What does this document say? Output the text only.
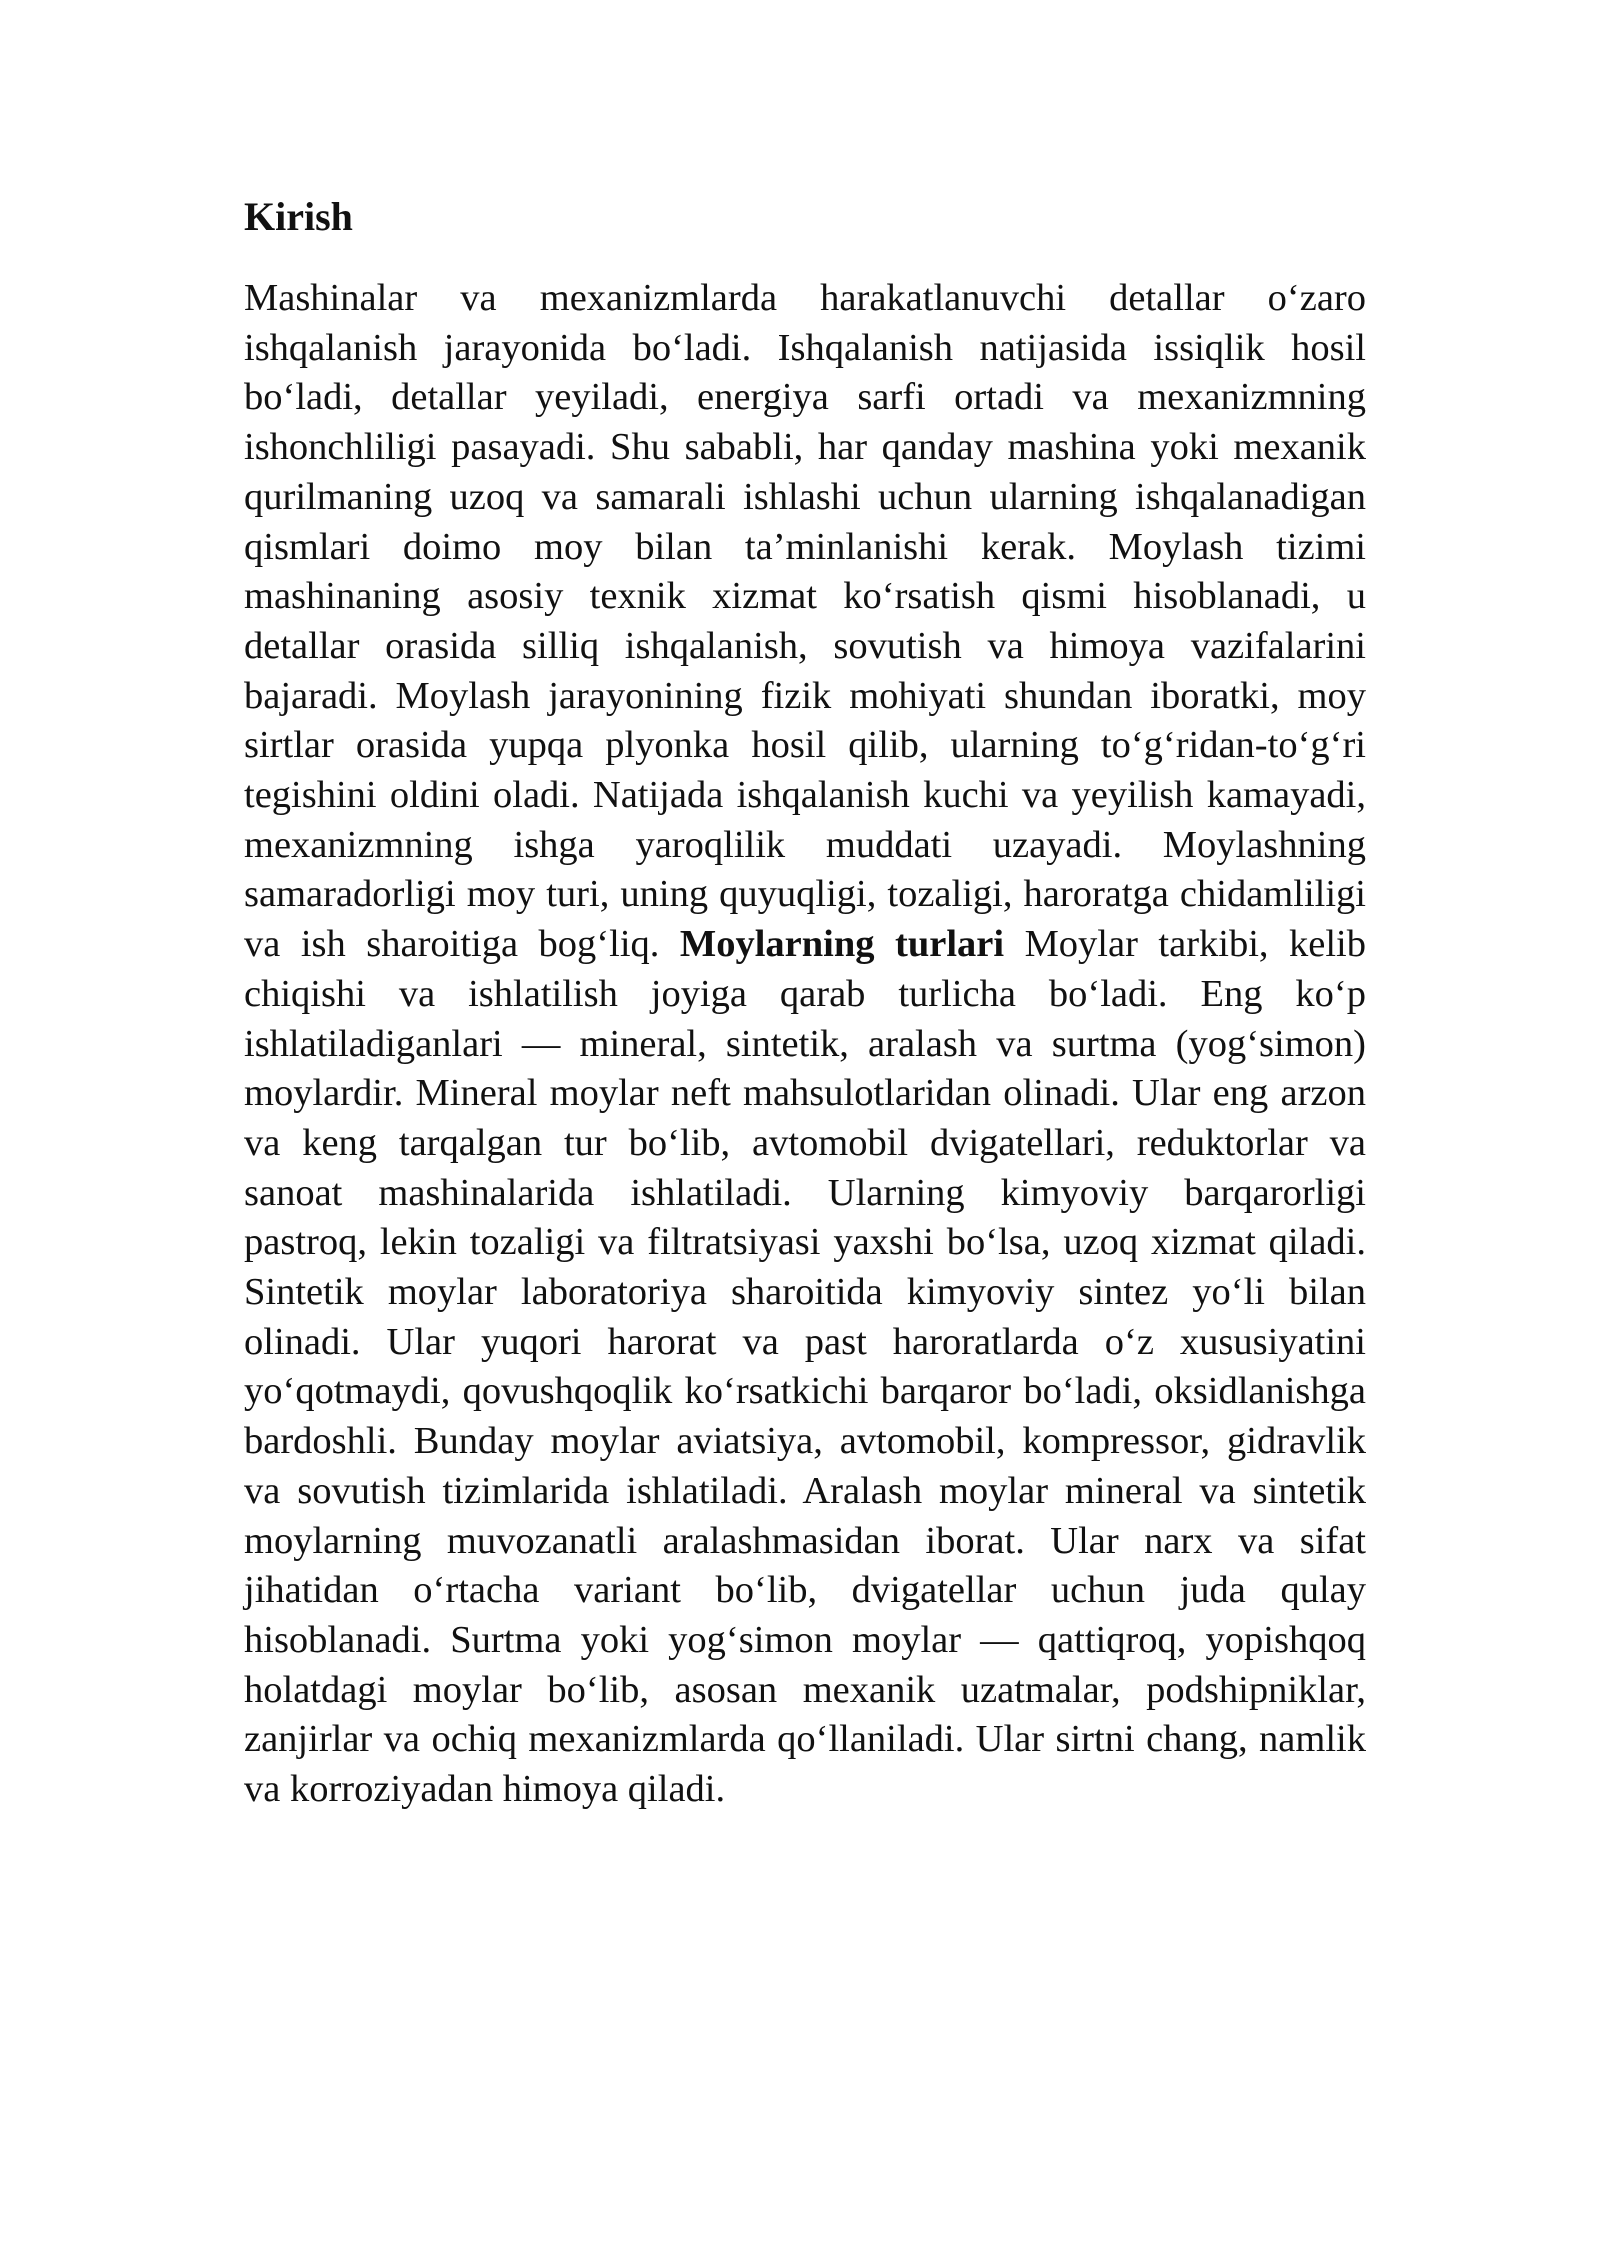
Kirish

Mashinalar va mexanizmlarda harakatlanuvchi detallar o‘zaro ishqalanish jarayonida bo‘ladi. Ishqalanish natijasida issiqlik hosil bo‘ladi, detallar yeyiladi, energiya sarfi ortadi va mexanizmning ishonchliligi pasayadi. Shu sababli, har qanday mashina yoki mexanik qurilmaning uzoq va samarali ishlashi uchun ularning ishqalanadigan qismlari doimo moy bilan ta’minlanishi kerak. Moylash tizimi mashinaning asosiy texnik xizmat ko‘rsatish qismi hisoblanadi, u detallar orasida silliq ishqalanish, sovutish va himoya vazifalarini bajaradi. Moylash jarayonining fizik mohiyati shundan iboratki, moy sirtlar orasida yupqa plyonka hosil qilib, ularning to‘g‘ridan-to‘g‘ri tegishini oldini oladi. Natijada ishqalanish kuchi va yeyilish kamayadi, mexanizmning ishga yaroqlilik muddati uzayadi. Moylashning samaradorligi moy turi, uning quyuqligi, tozaligi, haroratga chidamliligi va ish sharoitiga bog‘liq. Moylarning turlari Moylar tarkibi, kelib chiqishi va ishlatilish joyiga qarab turlicha bo‘ladi. Eng ko‘p ishlatiladiganlari — mineral, sintetik, aralash va surtma (yog‘simon) moylardir. Mineral moylar neft mahsulotlaridan olinadi. Ular eng arzon va keng tarqalgan tur bo‘lib, avtomobil dvigatellari, reduktorlar va sanoat mashinalarida ishlatiladi. Ularning kimyoviy barqarorligi pastroq, lekin tozaligi va filtratsiyasi yaxshi bo‘lsa, uzoq xizmat qiladi. Sintetik moylar laboratoriya sharoitida kimyoviy sintez yo‘li bilan olinadi. Ular yuqori harorat va past haroratlarda o‘z xususiyatini yo‘qotmaydi, qovushqoqlik ko‘rsatkichi barqaror bo‘ladi, oksidlanishga bardoshli. Bunday moylar aviatsiya, avtomobil, kompressor, gidravlik va sovutish tizimlarida ishlatiladi. Aralash moylar mineral va sintetik moylarning muvozanatli aralashmasidan iborat. Ular narx va sifat jihatidan o‘rtacha variant bo‘lib, dvigatellar uchun juda qulay hisoblanadi. Surtma yoki yog‘simon moylar — qattiqroq, yopishqoq holatdagi moylar bo‘lib, asosan mexanik uzatmalar, podshipniklar, zanjirlar va ochiq mexanizmlarda qo‘llaniladi. Ular sirtni chang, namlik va korroziyadan himoya qiladi.
